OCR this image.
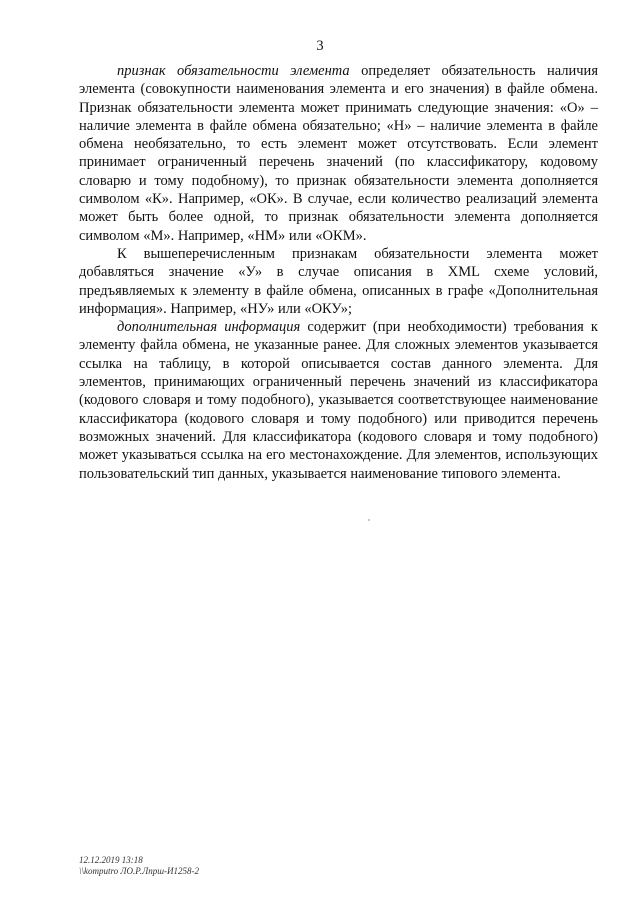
3

признак обязательности элемента определяет обязательность наличия элемента (совокупности наименования элемента и его значения) в файле обмена. Признак обязательности элемента может принимать следующие значения: «О» – наличие элемента в файле обмена обязательно; «Н» – наличие элемента в файле обмена необязательно, то есть элемент может отсутствовать. Если элемент принимает ограниченный перечень значений (по классификатору, кодовому словарю и тому подобному), то признак обязательности элемента дополняется символом «К». Например, «ОК». В случае, если количество реализаций элемента может быть более одной, то признак обязательности элемента дополняется символом «М». Например, «НМ» или «ОКМ».

К вышеперечисленным признакам обязательности элемента может добавляться значение «У» в случае описания в XML схеме условий, предъявляемых к элементу в файле обмена, описанных в графе «Дополнительная информация». Например, «НУ» или «ОКУ»;

дополнительная информация содержит (при необходимости) требования к элементу файла обмена, не указанные ранее. Для сложных элементов указывается ссылка на таблицу, в которой описывается состав данного элемента. Для элементов, принимающих ограниченный перечень значений из классификатора (кодового словаря и тому подобного), указывается соответствующее наименование классификатора (кодового словаря и тому подобного) или приводится перечень возможных значений. Для классификатора (кодового словаря и тому подобного) может указываться ссылка на его местонахождение. Для элементов, использующих пользовательский тип данных, указывается наименование типового элемента.

12.12.2019 13:18
\\komputro ЛО.Р.Лпрш-И1258-2
